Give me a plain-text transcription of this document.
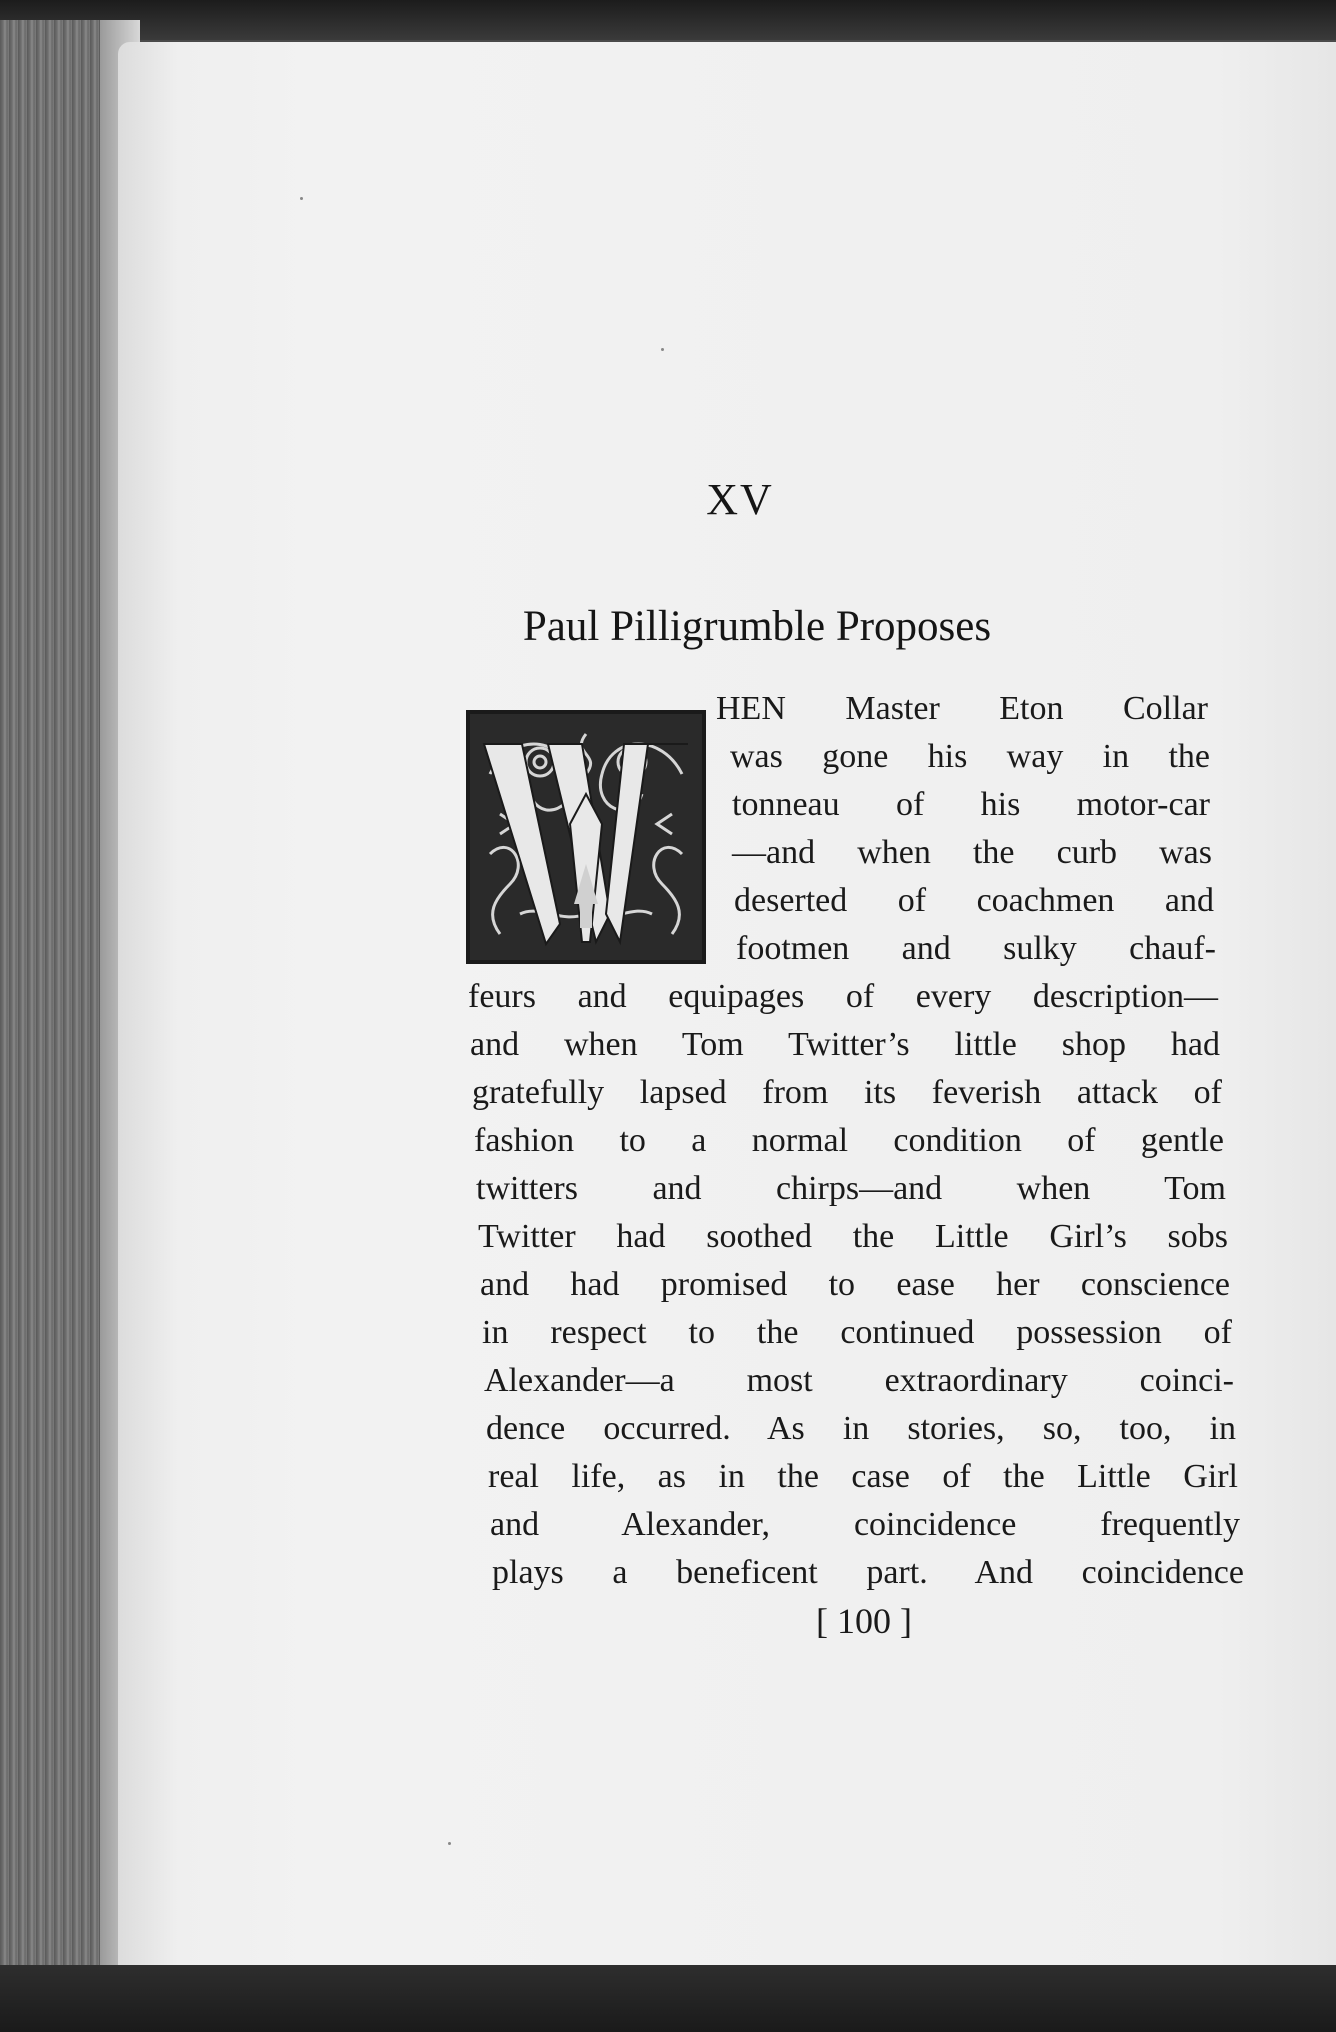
XV
Paul Pilligrumble Proposes
HEN Master Eton Collar
was gone his way in the
tonneau of his motor-car
—and when the curb was
deserted of coachmen and
footmen and sulky chauf-
feurs and equipages of every description—
and when Tom Twitter’s little shop had
gratefully lapsed from its feverish attack of
fashion to a normal condition of gentle
twitters and chirps—and when Tom
Twitter had soothed the Little Girl’s sobs
and had promised to ease her conscience
in respect to the continued possession of
Alexander—a most extraordinary coinci-
dence occurred. As in stories, so, too, in
real life, as in the case of the Little Girl
and Alexander, coincidence frequently
plays a beneficent part. And coincidence
[ 100 ]
